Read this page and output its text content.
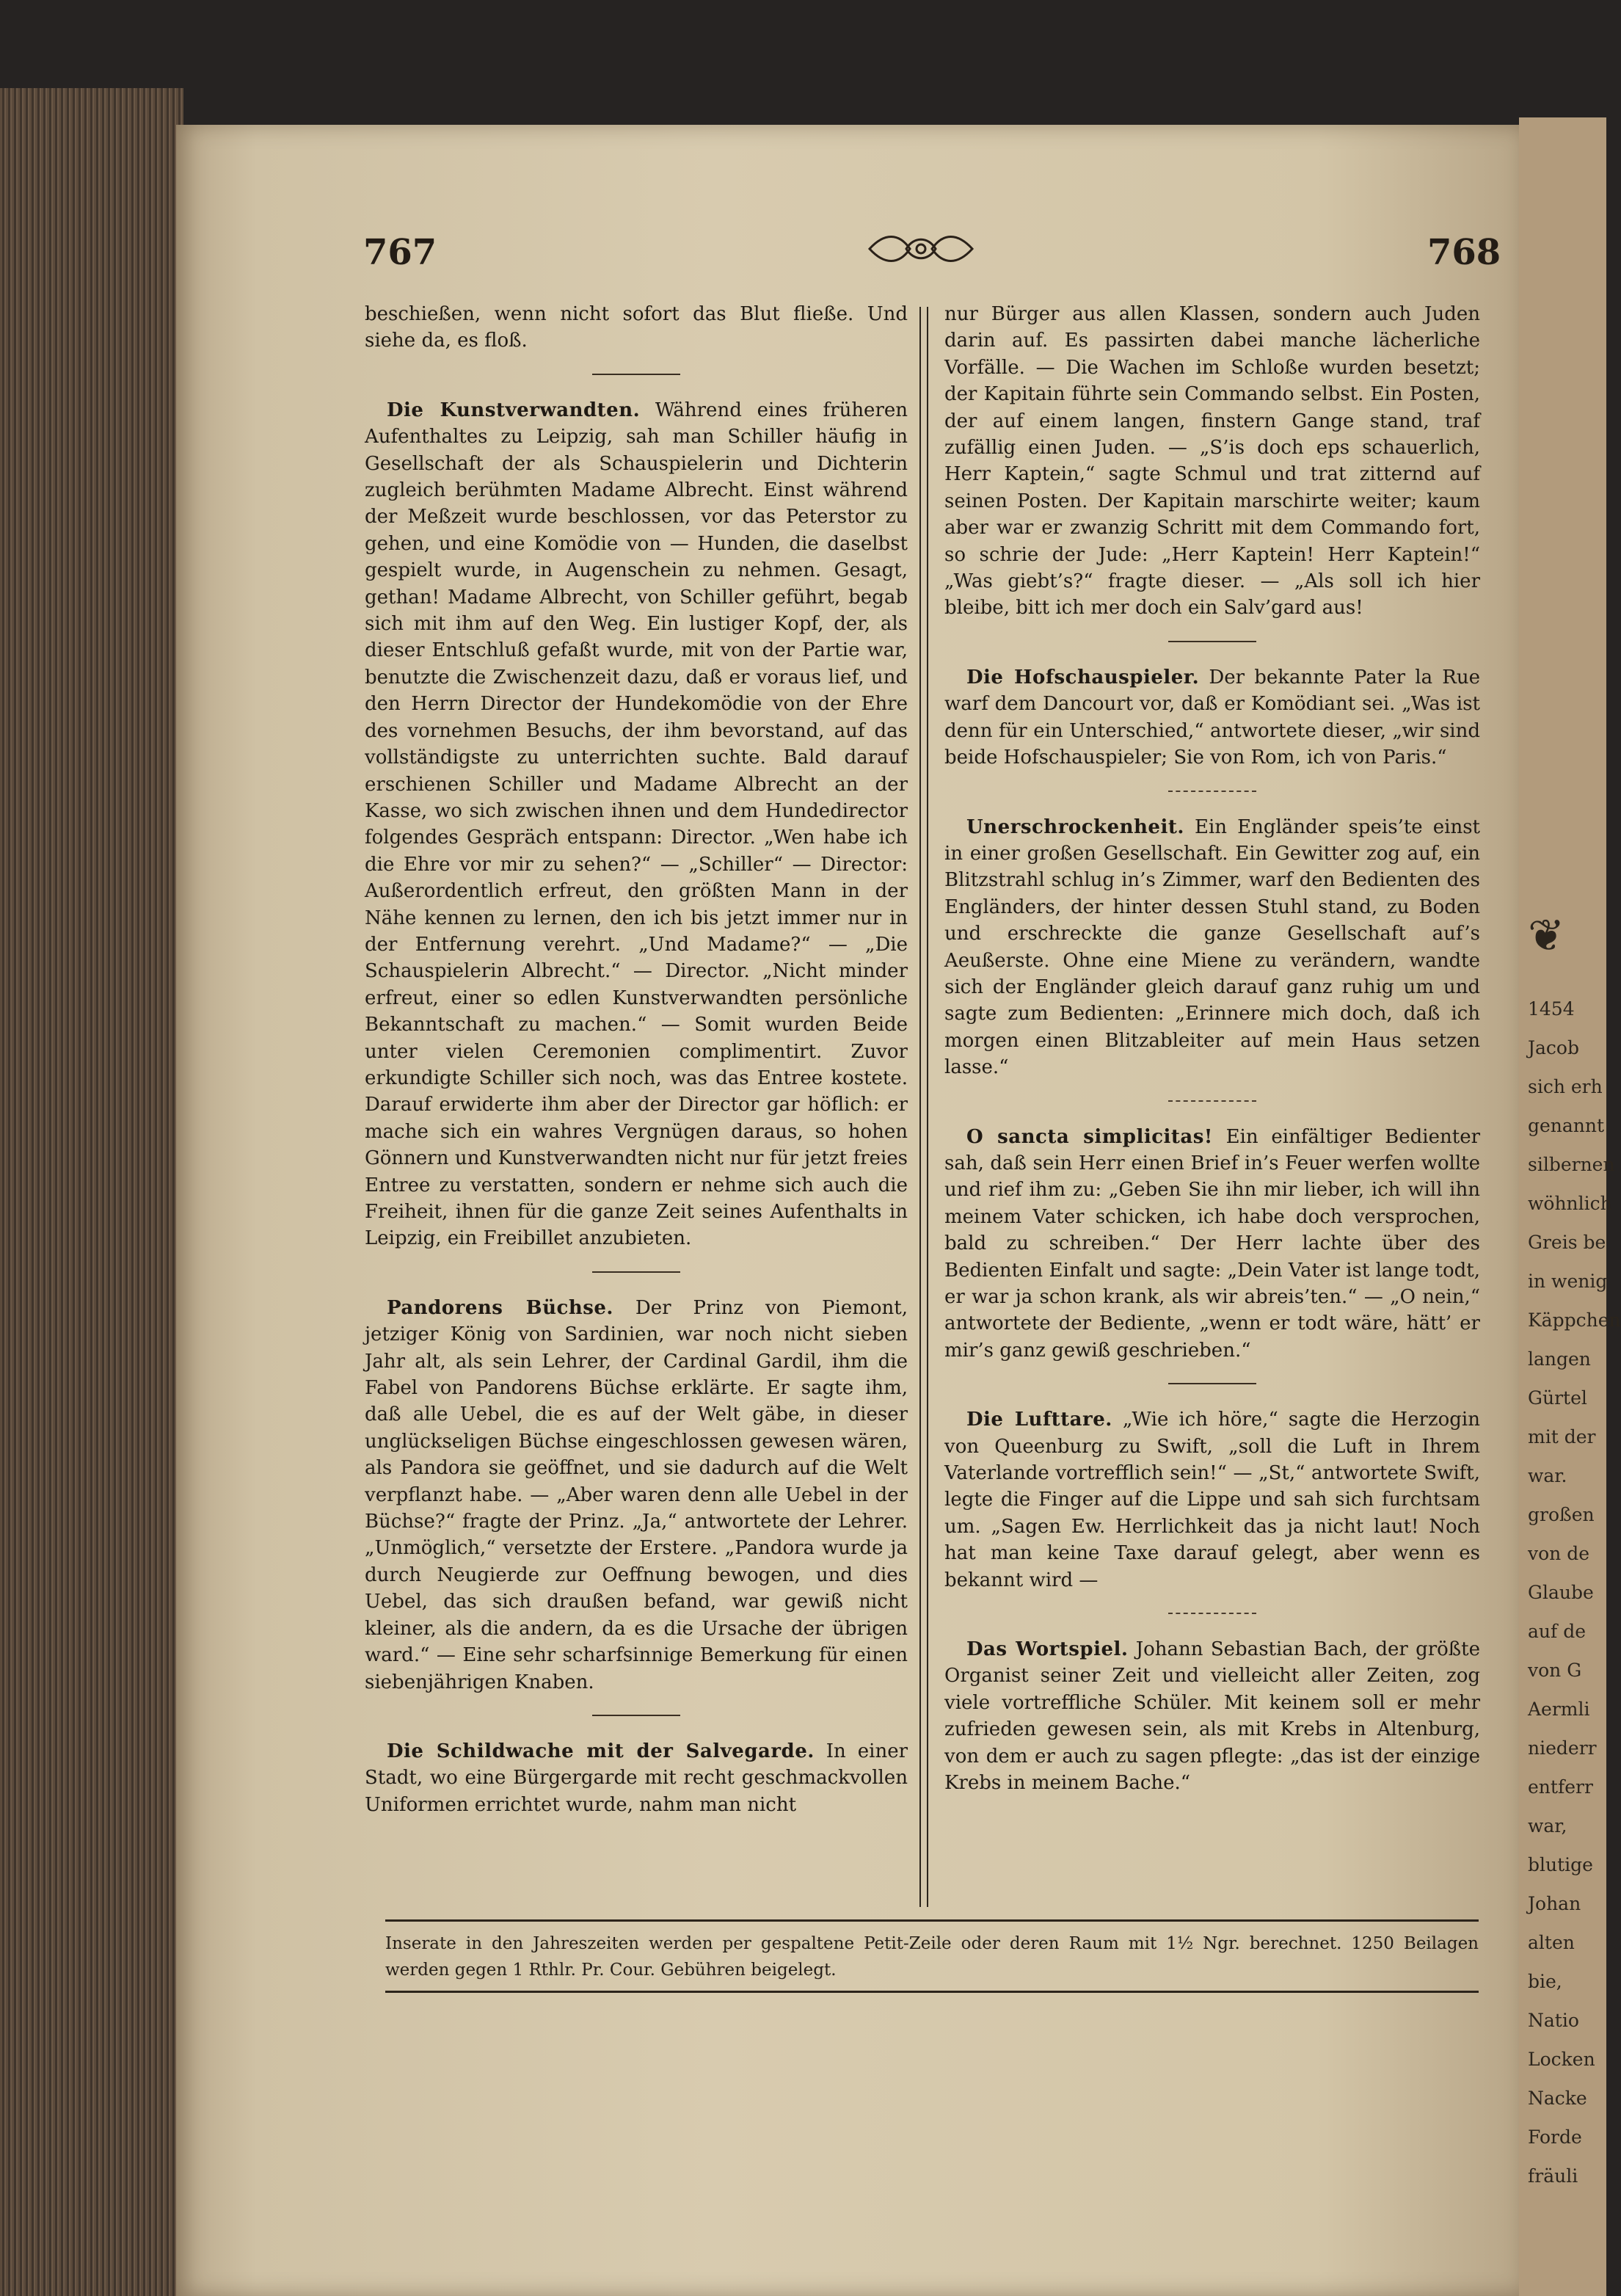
❦
1454
Jacob
sich erh
genannt
silbernen
wöhnlich
Greis be
in wenig
Käppchen
langen
Gürtel
mit der
war.
großen
von de
Glaube
auf de
von G
Aermli
niederr
entferr
war,
blutige
Johan
alten
bie,
Natio
Locken
Nacke
Forde
fräuli
767	768

beschießen, wenn nicht sofort das Blut fließe. Und siehe da, es floß.

Die Kunstverwandten. Während eines früheren Aufenthaltes zu Leipzig, sah man Schiller häufig in Gesellschaft der als Schauspielerin und Dichterin zugleich berühmten Madame Albrecht. Einst während der Meßzeit wurde beschlossen, vor das Peterstor zu gehen, und eine Komödie von — Hunden, die daselbst gespielt wurde, in Augenschein zu nehmen. Gesagt, gethan! Madame Albrecht, von Schiller geführt, begab sich mit ihm auf den Weg. Ein lustiger Kopf, der, als dieser Entschluß gefaßt wurde, mit von der Partie war, benutzte die Zwischenzeit dazu, daß er voraus lief, und den Herrn Director der Hundekomödie von der Ehre des vornehmen Besuchs, der ihm bevorstand, auf das vollständigste zu unterrichten suchte. Bald darauf erschienen Schiller und Madame Albrecht an der Kasse, wo sich zwischen ihnen und dem Hundedirector folgendes Gespräch entspann: Director. „Wen habe ich die Ehre vor mir zu sehen?“ — „Schiller“ — Director: Außerordentlich erfreut, den größten Mann in der Nähe kennen zu lernen, den ich bis jetzt immer nur in der Entfernung verehrt. „Und Madame?“ — „Die Schauspielerin Albrecht.“ — Director. „Nicht minder erfreut, einer so edlen Kunstverwandten persönliche Bekanntschaft zu machen.“ — Somit wurden Beide unter vielen Ceremonien complimentirt. Zuvor erkundigte Schiller sich noch, was das Entree kostete. Darauf erwiderte ihm aber der Director gar höflich: er mache sich ein wahres Vergnügen daraus, so hohen Gönnern und Kunstverwandten nicht nur für jetzt freies Entree zu verstatten, sondern er nehme sich auch die Freiheit, ihnen für die ganze Zeit seines Aufenthalts in Leipzig, ein Freibillet anzubieten.

Pandorens Büchse. Der Prinz von Piemont, jetziger König von Sardinien, war noch nicht sieben Jahr alt, als sein Lehrer, der Cardinal Gardil, ihm die Fabel von Pandorens Büchse erklärte. Er sagte ihm, daß alle Uebel, die es auf der Welt gäbe, in dieser unglückseligen Büchse eingeschlossen gewesen wären, als Pandora sie geöffnet, und sie dadurch auf die Welt verpflanzt habe. — „Aber waren denn alle Uebel in der Büchse?“ fragte der Prinz. „Ja,“ antwortete der Lehrer. „Unmöglich,“ versetzte der Erstere. „Pandora wurde ja durch Neugierde zur Oeffnung bewogen, und dies Uebel, das sich draußen befand, war gewiß nicht kleiner, als die andern, da es die Ursache der übrigen ward.“ — Eine sehr scharfsinnige Bemerkung für einen siebenjährigen Knaben.

Die Schildwache mit der Salvegarde. In einer Stadt, wo eine Bürgergarde mit recht geschmackvollen Uniformen errichtet wurde, nahm man nicht

nur Bürger aus allen Klassen, sondern auch Juden darin auf. Es passirten dabei manche lächerliche Vorfälle. — Die Wachen im Schloße wurden besetzt; der Kapitain führte sein Commando selbst. Ein Posten, der auf einem langen, finstern Gange stand, traf zufällig einen Juden. — „S’is doch eps schauerlich, Herr Kaptein,“ sagte Schmul und trat zitternd auf seinen Posten. Der Kapitain marschirte weiter; kaum aber war er zwanzig Schritt mit dem Commando fort, so schrie der Jude: „Herr Kaptein! Herr Kaptein!“ „Was giebt’s?“ fragte dieser. — „Als soll ich hier bleibe, bitt ich mer doch ein Salv’gard aus!

Die Hofschauspieler. Der bekannte Pater la Rue warf dem Dancourt vor, daß er Komödiant sei. „Was ist denn für ein Unterschied,“ antwortete dieser, „wir sind beide Hofschauspieler; Sie von Rom, ich von Paris.“

Unerschrockenheit. Ein Engländer speis’te einst in einer großen Gesellschaft. Ein Gewitter zog auf, ein Blitzstrahl schlug in’s Zimmer, warf den Bedienten des Engländers, der hinter dessen Stuhl stand, zu Boden und erschreckte die ganze Gesellschaft auf’s Aeußerste. Ohne eine Miene zu verändern, wandte sich der Engländer gleich darauf ganz ruhig um und sagte zum Bedienten: „Erinnere mich doch, daß ich morgen einen Blitzableiter auf mein Haus setzen lasse.“

O sancta simplicitas! Ein einfältiger Bedienter sah, daß sein Herr einen Brief in’s Feuer werfen wollte und rief ihm zu: „Geben Sie ihn mir lieber, ich will ihn meinem Vater schicken, ich habe doch versprochen, bald zu schreiben.“ Der Herr lachte über des Bedienten Einfalt und sagte: „Dein Vater ist lange todt, er war ja schon krank, als wir abreis’ten.“ — „O nein,“ antwortete der Bediente, „wenn er todt wäre, hätt’ er mir’s ganz gewiß geschrieben.“

Die Lufttare. „Wie ich höre,“ sagte die Herzogin von Queenburg zu Swift, „soll die Luft in Ihrem Vaterlande vortrefflich sein!“ — „St,“ antwortete Swift, legte die Finger auf die Lippe und sah sich furchtsam um. „Sagen Ew. Herrlichkeit das ja nicht laut! Noch hat man keine Taxe darauf gelegt, aber wenn es bekannt wird —

Das Wortspiel. Johann Sebastian Bach, der größte Organist seiner Zeit und vielleicht aller Zeiten, zog viele vortreffliche Schüler. Mit keinem soll er mehr zufrieden gewesen sein, als mit Krebs in Altenburg, von dem er auch zu sagen pflegte: „das ist der einzige Krebs in meinem Bache.“

Inserate in den Jahreszeiten werden per gespaltene Petit-Zeile oder deren Raum mit 1½ Ngr. berechnet. 1250 Beilagen werden gegen 1 Rthlr. Pr. Cour. Gebühren beigelegt.
